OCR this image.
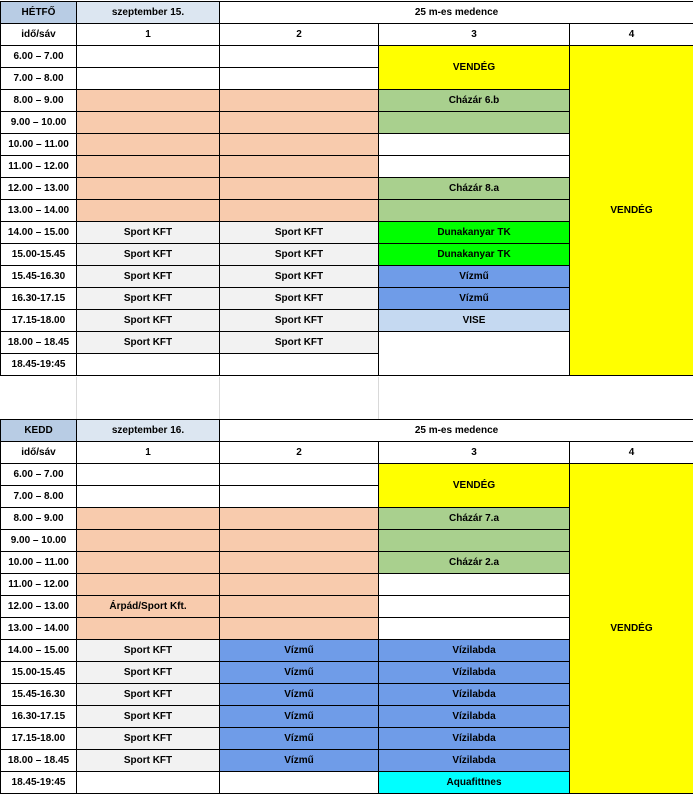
HÉTFŐ	szeptember 15.	25 m-es medence		
idő/sáv	1	2	3	4
6.00 – 7.00			VENDÉG	VENDÉG
7.00 – 8.00				
8.00 – 9.00			Cházár 6.b	
9.00 – 10.00				
10.00 – 11.00				
11.00 – 12.00				
12.00 – 13.00			Cházár 8.a	
13.00 – 14.00				
14.00 – 15.00	Sport KFT	Sport KFT	Dunakanyar TK	
15.00-15.45	Sport KFT	Sport KFT	Dunakanyar TK	
15.45-16.30	Sport KFT	Sport KFT	Vízmű	
16.30-17.15	Sport KFT	Sport KFT	Vízmű	
17.15-18.00	Sport KFT	Sport KFT	VISE	
18.00 – 18.45	Sport KFT	Sport KFT		
18.45-19:45				
KEDD	szeptember 16.	25 m-es medence		
idő/sáv	1	2	3	4
6.00 – 7.00			VENDÉG	VENDÉG
7.00 – 8.00				
8.00 – 9.00			Cházár 7.a	
9.00 – 10.00				
10.00 – 11.00			Cházár 2.a	
11.00 – 12.00				
12.00 – 13.00	Árpád/Sport Kft.			
13.00 – 14.00				
14.00 – 15.00	Sport KFT	Vízmű	Vízilabda	
15.00-15.45	Sport KFT	Vízmű	Vízilabda	
15.45-16.30	Sport KFT	Vízmű	Vízilabda	
16.30-17.15	Sport KFT	Vízmű	Vízilabda	
17.15-18.00	Sport KFT	Vízmű	Vízilabda	
18.00 – 18.45	Sport KFT	Vízmű	Vízilabda	
18.45-19:45			Aquafittnes	
